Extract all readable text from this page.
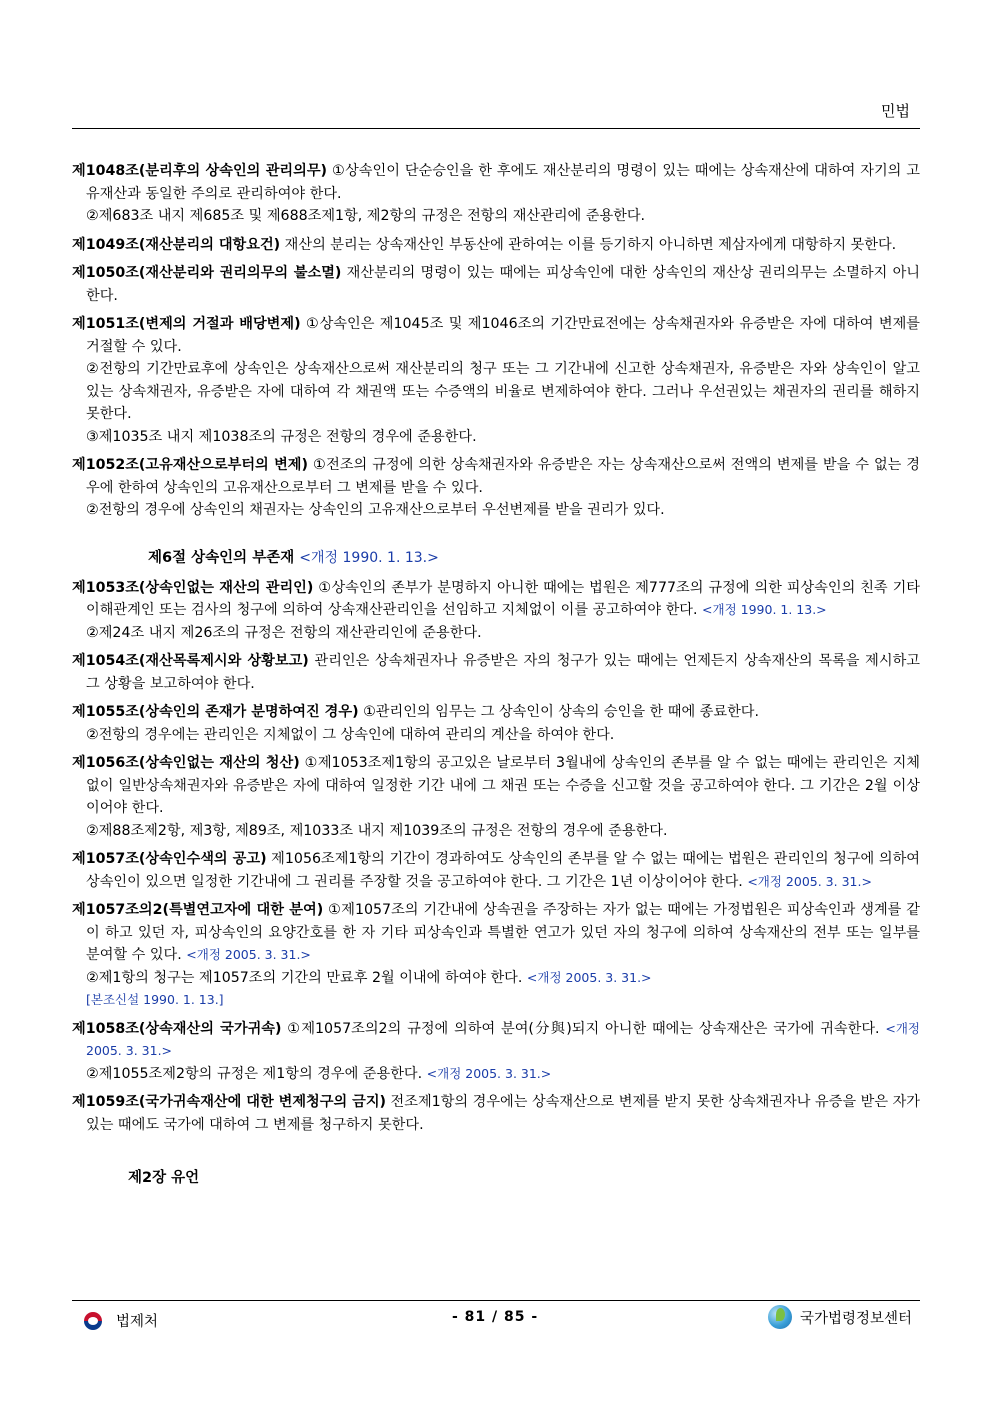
민법
제1048조(분리후의 상속인의 관리의무) ①상속인이 단순승인을 한 후에도 재산분리의 명령이 있는 때에는 상속재산에 대하여 자기의 고유재산과 동일한 주의로 관리하여야 한다.
②제683조 내지 제685조 및 제688조제1항, 제2항의 규정은 전항의 재산관리에 준용한다.
제1049조(재산분리의 대항요건) 재산의 분리는 상속재산인 부동산에 관하여는 이를 등기하지 아니하면 제삼자에게 대항하지 못한다.
제1050조(재산분리와 권리의무의 불소멸) 재산분리의 명령이 있는 때에는 피상속인에 대한 상속인의 재산상 권리의무는 소멸하지 아니한다.
제1051조(변제의 거절과 배당변제) ①상속인은 제1045조 및 제1046조의 기간만료전에는 상속채권자와 유증받은 자에 대하여 변제를 거절할 수 있다.
②전항의 기간만료후에 상속인은 상속재산으로써 재산분리의 청구 또는 그 기간내에 신고한 상속채권자, 유증받은 자와 상속인이 알고 있는 상속채권자, 유증받은 자에 대하여 각 채권액 또는 수증액의 비율로 변제하여야 한다. 그러나 우선권있는 채권자의 권리를 해하지 못한다.
③제1035조 내지 제1038조의 규정은 전항의 경우에 준용한다.
제1052조(고유재산으로부터의 변제) ①전조의 규정에 의한 상속채권자와 유증받은 자는 상속재산으로써 전액의 변제를 받을 수 없는 경우에 한하여 상속인의 고유재산으로부터 그 변제를 받을 수 있다.
②전항의 경우에 상속인의 채권자는 상속인의 고유재산으로부터 우선변제를 받을 권리가 있다.
제6절 상속인의 부존재 <개정 1990. 1. 13.>
제1053조(상속인없는 재산의 관리인) ①상속인의 존부가 분명하지 아니한 때에는 법원은 제777조의 규정에 의한 피상속인의 친족 기타 이해관계인 또는 검사의 청구에 의하여 상속재산관리인을 선임하고 지체없이 이를 공고하여야 한다. <개정 1990. 1. 13.>
②제24조 내지 제26조의 규정은 전항의 재산관리인에 준용한다.
제1054조(재산목록제시와 상황보고) 관리인은 상속채권자나 유증받은 자의 청구가 있는 때에는 언제든지 상속재산의 목록을 제시하고 그 상황을 보고하여야 한다.
제1055조(상속인의 존재가 분명하여진 경우) ①관리인의 임무는 그 상속인이 상속의 승인을 한 때에 종료한다.
②전항의 경우에는 관리인은 지체없이 그 상속인에 대하여 관리의 계산을 하여야 한다.
제1056조(상속인없는 재산의 청산) ①제1053조제1항의 공고있은 날로부터 3월내에 상속인의 존부를 알 수 없는 때에는 관리인은 지체없이 일반상속채권자와 유증받은 자에 대하여 일정한 기간 내에 그 채권 또는 수증을 신고할 것을 공고하여야 한다. 그 기간은 2월 이상이어야 한다.
②제88조제2항, 제3항, 제89조, 제1033조 내지 제1039조의 규정은 전항의 경우에 준용한다.
제1057조(상속인수색의 공고) 제1056조제1항의 기간이 경과하여도 상속인의 존부를 알 수 없는 때에는 법원은 관리인의 청구에 의하여 상속인이 있으면 일정한 기간내에 그 권리를 주장할 것을 공고하여야 한다. 그 기간은 1년 이상이어야 한다. <개정 2005. 3. 31.>
제1057조의2(특별연고자에 대한 분여) ①제1057조의 기간내에 상속권을 주장하는 자가 없는 때에는 가정법원은 피상속인과 생계를 같이 하고 있던 자, 피상속인의 요양간호를 한 자 기타 피상속인과 특별한 연고가 있던 자의 청구에 의하여 상속재산의 전부 또는 일부를 분여할 수 있다. <개정 2005. 3. 31.>
②제1항의 청구는 제1057조의 기간의 만료후 2월 이내에 하여야 한다. <개정 2005. 3. 31.>
[본조신설 1990. 1. 13.]
제1058조(상속재산의 국가귀속) ①제1057조의2의 규정에 의하여 분여(分與)되지 아니한 때에는 상속재산은 국가에 귀속한다. <개정 2005. 3. 31.>
②제1055조제2항의 규정은 제1항의 경우에 준용한다. <개정 2005. 3. 31.>
제1059조(국가귀속재산에 대한 변제청구의 금지) 전조제1항의 경우에는 상속재산으로 변제를 받지 못한 상속채권자나 유증을 받은 자가 있는 때에도 국가에 대하여 그 변제를 청구하지 못한다.
제2장 유언
법제처	- 81 / 85 -	국가법령정보센터
